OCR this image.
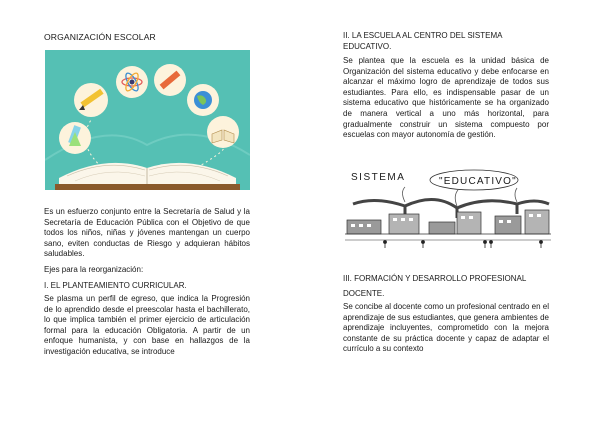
ORGANIZACIÓN ESCOLAR
Es un esfuerzo conjunto entre la Secretaría de Salud y la Secretaría de Educación Pública con el Objetivo de que todos los niños, niñas y jóvenes mantengan un cuerpo sano, eviten conductas de Riesgo y adquieran hábitos saludables.
Ejes para la reorganización:
I. EL PLANTEAMIENTO CURRICULAR.
Se plasma un perfil de egreso, que indica la Progresión de lo aprendido desde el preescolar hasta el bachillerato, lo que implica también el primer ejercicio de articulación formal para la educación Obligatoria. A partir de un enfoque humanista, y con base en hallazgos de la investigación educativa, se introduce
II. LA ESCUELA AL CENTRO DEL SISTEMA EDUCATIVO.
Se plantea que la escuela es la unidad básica de Organización del sistema educativo y debe enfocarse en alcanzar el máximo logro de aprendizaje de todos sus estudiantes. Para ello, es indispensable pasar de un sistema educativo que históricamente se ha organizado de manera vertical a uno más horizontal, para gradualmente construir un sistema compuesto por escuelas con mayor autonomía de gestión.
SISTEMA	"EDUCATIVO"
III. FORMACIÓN Y DESARROLLO PROFESIONAL DOCENTE.
Se concibe al docente como un profesional centrado en el aprendizaje de sus estudiantes, que genera ambientes de aprendizaje incluyentes, comprometido con la mejora constante de su práctica docente y capaz de adaptar el currículo a su contexto
